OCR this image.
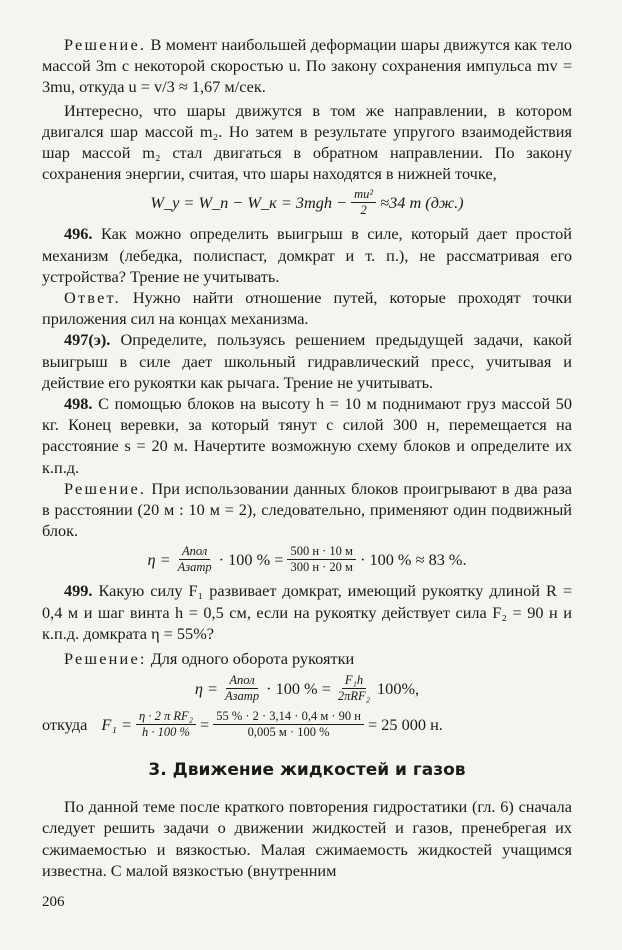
Решение. В момент наибольшей деформации шары движутся как тело массой 3m с некоторой скоростью u. По закону сохранения импульса mv = 3mu, откуда u = v/3 ≈ 1,67 м/сек.

Интересно, что шары движутся в том же направлении, в котором двигался шар массой m₂. Но затем в результате упругого взаимодействия шар массой m₂ стал двигаться в обратном направлении. По закону сохранения энергии, считая, что шары находятся в нижней точке,

W_y = W_п − W_к = $3mgh - \frac{\text{mu²}}{2} \approx 34$ m (дж.)

496. Как можно определить выигрыш в силе, который дает простой механизм (лебедка, полиспаст, домкрат и т. п.), не рассматривая его устройства? Трение не учитывать.

Ответ. Нужно найти отношение путей, которые проходят точки приложения сил на концах механизма.

497(э). Определите, пользуясь решением предыдущей задачи, какой выигрыш в силе дает школьный гидравлический пресс, учитывая и действие его рукоятки как рычага. Трение не учитывать.

498. С помощью блоков на высоту h = 10 м поднимают груз массой 50 кг. Конец веревки, за который тянут с силой 300 н, перемещается на расстояние s = 20 м. Начертите возможную схему блоков и определите их к.п.д.

Решение. При использовании данных блоков проигрывают в два раза в расстоянии (20 м : 10 м = 2), следовательно, применяют один подвижный блок.

$\eta = \frac{\text{Aпол}}{\text{Aзатр}} \cdot 100$ % = $\frac{500 н \cdot 10 м}{300 н \cdot 20 м} \cdot 100$ % ≈ 83 %.

499. Какую силу F₁ развивает домкрат, имеющий рукоятку длиной R = 0,4 м и шаг винта h = 0,5 см, если на рукоятку действует сила F₂ = 90 н и к.п.д. домкрата η = 55%?

Решение: Для одного оборота рукоятки

$\eta = \frac{\text{Aпол}}{\text{Aзатр}} \cdot 100$ % = $\frac{\text{F₁h}}{\text{2πRF₂}} 100\%$,
откуда $F_1 = \frac{\text{η · 2 π RF₂}}{h \cdot 100 \%} = \frac{55 \% \cdot 2 \cdot 3,14 \cdot 0,4 м \cdot 90 н}{0,005 м \cdot 100 \%} = 25$ 000 н.
3. Движение жидкостей и газов

По данной теме после краткого повторения гидростатики (гл. 6) сначала следует решить задачи о движении жидкостей и газов, пренебрегая их сжимаемостью и вязкостью. Малая сжимаемость жидкостей учащимся известна. С малой вязкостью (внутренним

206
